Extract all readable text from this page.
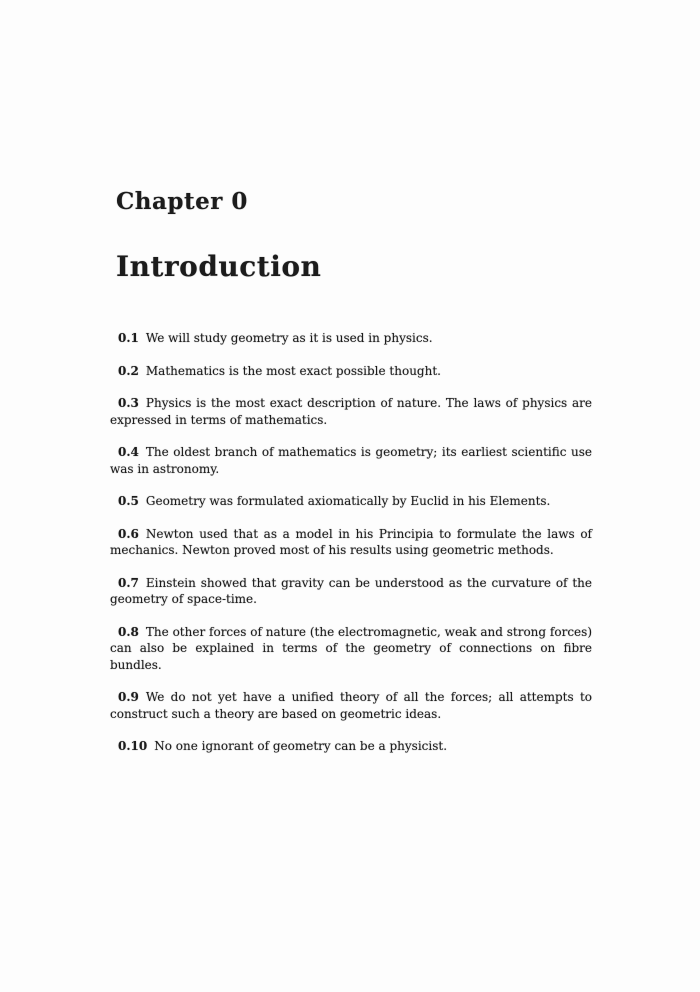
Chapter 0
Introduction

0.1 We will study geometry as it is used in physics.

0.2 Mathematics is the most exact possible thought.

0.3 Physics is the most exact description of nature. The laws of physics are expressed in terms of mathematics.

0.4 The oldest branch of mathematics is geometry; its earliest scientific use was in astronomy.

0.5 Geometry was formulated axiomatically by Euclid in his Elements.

0.6 Newton used that as a model in his Principia to formulate the laws of mechanics. Newton proved most of his results using geometric methods.

0.7 Einstein showed that gravity can be understood as the curvature of the geometry of space-time.

0.8 The other forces of nature (the electromagnetic, weak and strong forces) can also be explained in terms of the geometry of connections on fibre bundles.

0.9 We do not yet have a unified theory of all the forces; all attempts to construct such a theory are based on geometric ideas.

0.10 No one ignorant of geometry can be a physicist.
